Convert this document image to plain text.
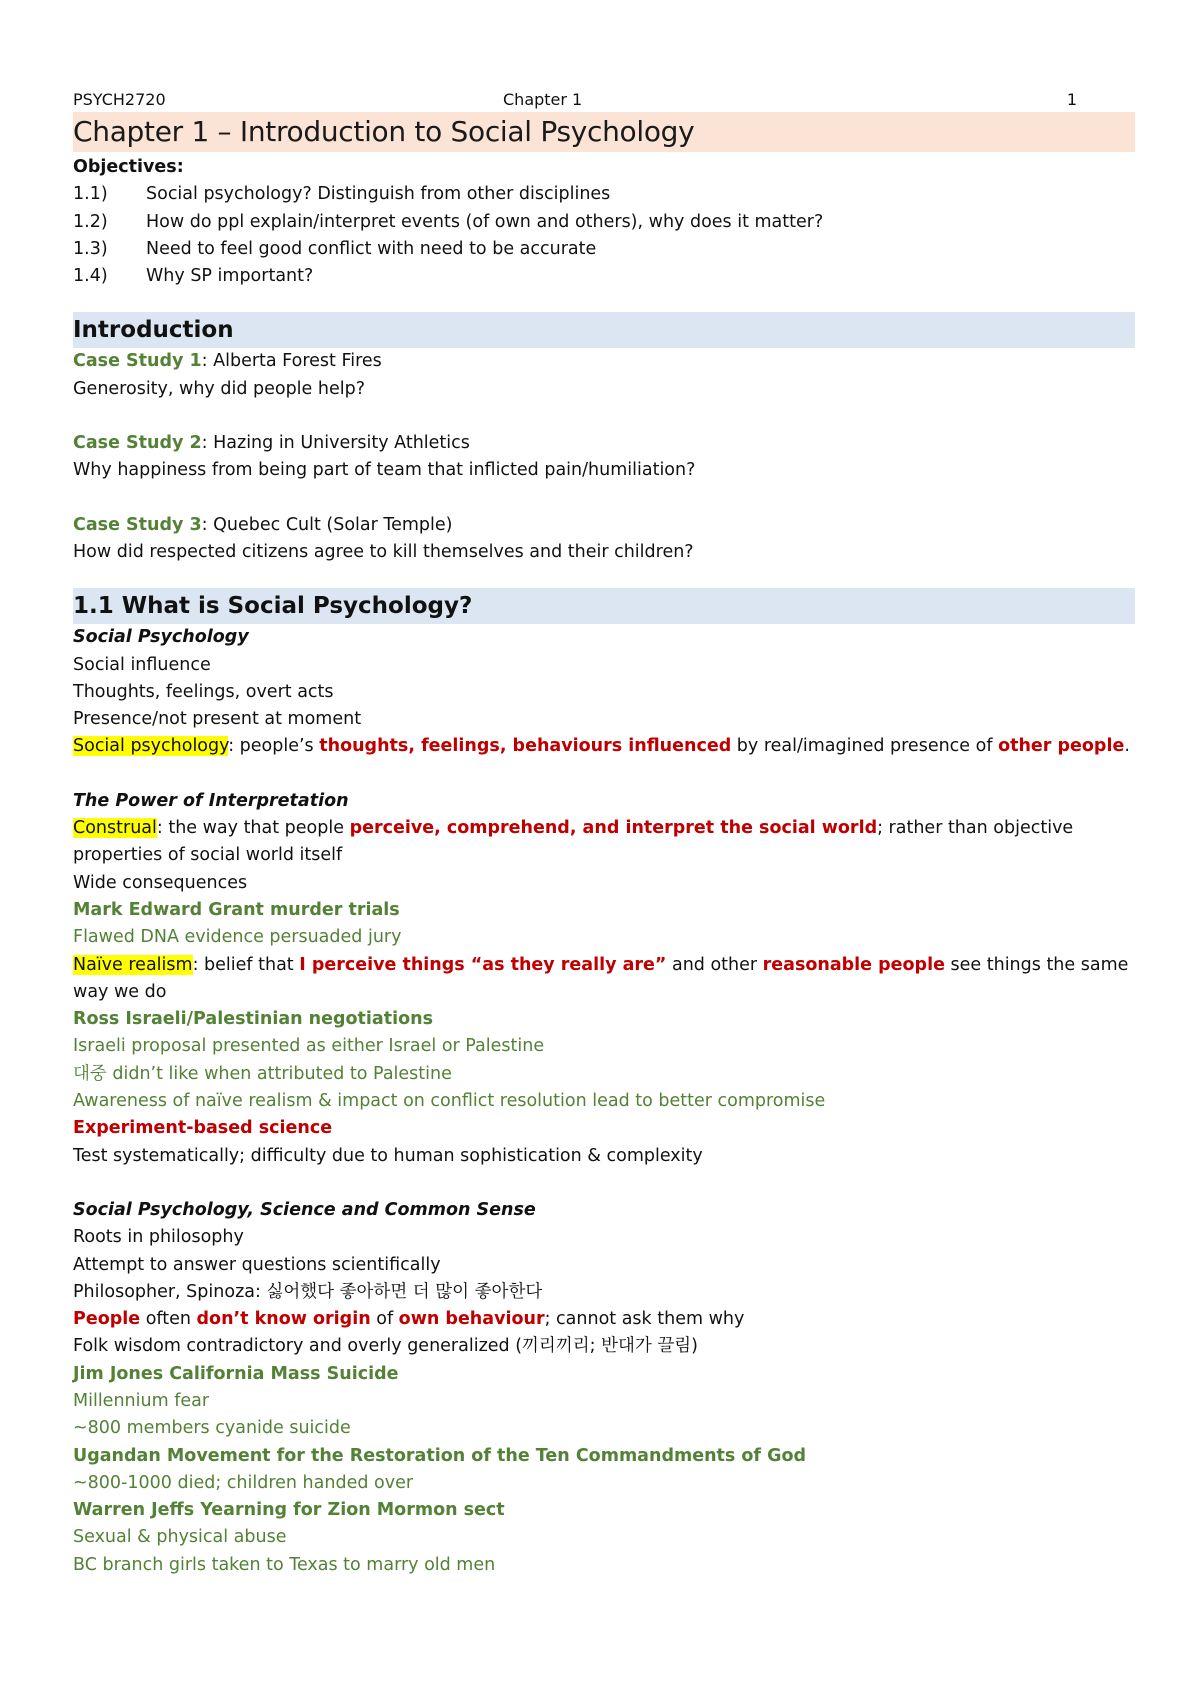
PSYCH2720	Chapter 1	1
Chapter 1 – Introduction to Social Psychology
Objectives:
1.1)	Social psychology? Distinguish from other disciplines
1.2)	How do ppl explain/interpret events (of own and others), why does it matter?
1.3)	Need to feel good conflict with need to be accurate
1.4)	Why SP important?
Introduction
Case Study 1: Alberta Forest Fires
Generosity, why did people help?
Case Study 2: Hazing in University Athletics
Why happiness from being part of team that inflicted pain/humiliation?
Case Study 3: Quebec Cult (Solar Temple)
How did respected citizens agree to kill themselves and their children?
1.1 What is Social Psychology?
Social Psychology
Social influence
Thoughts, feelings, overt acts
Presence/not present at moment
Social psychology: people’s thoughts, feelings, behaviours influenced by real/imagined presence of other people.
The Power of Interpretation
Construal: the way that people perceive, comprehend, and interpret the social world; rather than objective properties of social world itself
Wide consequences
Mark Edward Grant murder trials
Flawed DNA evidence persuaded jury
Naïve realism: belief that I perceive things “as they really are” and other reasonable people see things the same way we do
Ross Israeli/Palestinian negotiations
Israeli proposal presented as either Israel or Palestine
대중 didn’t like when attributed to Palestine
Awareness of naïve realism & impact on conflict resolution lead to better compromise
Experiment-based science
Test systematically; difficulty due to human sophistication & complexity
Social Psychology, Science and Common Sense
Roots in philosophy
Attempt to answer questions scientifically
Philosopher, Spinoza: 싫어했다 좋아하면 더 많이 좋아한다
People often don’t know origin of own behaviour; cannot ask them why
Folk wisdom contradictory and overly generalized (끼리끼리; 반대가 끌림)
Jim Jones California Mass Suicide
Millennium fear
~800 members cyanide suicide
Ugandan Movement for the Restoration of the Ten Commandments of God
~800-1000 died; children handed over
Warren Jeffs Yearning for Zion Mormon sect
Sexual & physical abuse
BC branch girls taken to Texas to marry old men
